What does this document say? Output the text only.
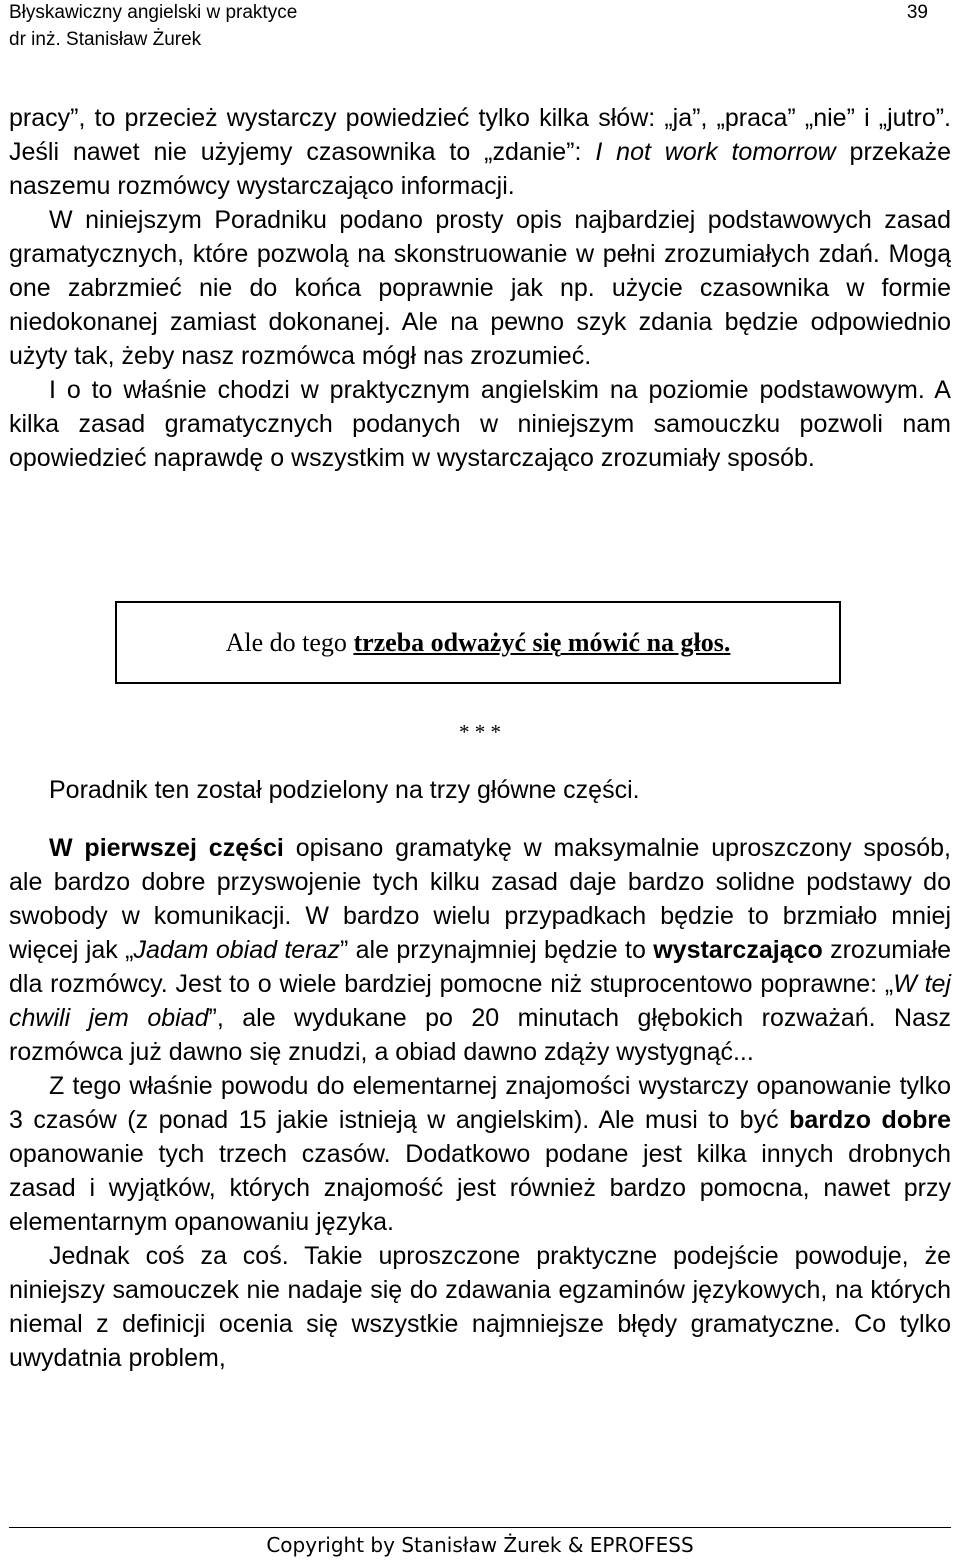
Błyskawiczny angielski w praktyce	39
dr inż. Stanisław Żurek

pracy”, to przecież wystarczy powiedzieć tylko kilka słów: „ja”, „praca” „nie” i „jutro”. Jeśli nawet nie użyjemy czasownika to „zdanie”: I not work tomorrow przekaże naszemu rozmówcy wystarczająco informacji.

W niniejszym Poradniku podano prosty opis najbardziej podstawowych zasad gramatycznych, które pozwolą na skonstruowanie w pełni zrozumiałych zdań. Mogą one zabrzmieć nie do końca poprawnie jak np. użycie czasownika w formie niedokonanej zamiast dokonanej. Ale na pewno szyk zdania będzie odpowiednio użyty tak, żeby nasz rozmówca mógł nas zrozumieć.

I o to właśnie chodzi w praktycznym angielskim na poziomie podstawowym. A kilka zasad gramatycznych podanych w niniejszym samouczku pozwoli nam opowiedzieć naprawdę o wszystkim w wystarczająco zrozumiały sposób.

Ale do tego trzeba odważyć się mówić na głos.
* * *

Poradnik ten został podzielony na trzy główne części.

W pierwszej części opisano gramatykę w maksymalnie uproszczony sposób, ale bardzo dobre przyswojenie tych kilku zasad daje bardzo solidne podstawy do swobody w komunikacji. W bardzo wielu przypadkach będzie to brzmiało mniej więcej jak „Jadam obiad teraz” ale przynajmniej będzie to wystarczająco zrozumiałe dla rozmówcy. Jest to o wiele bardziej pomocne niż stuprocentowo poprawne: „W tej chwili jem obiad”, ale wydukane po 20 minutach głębokich rozważań. Nasz rozmówca już dawno się znudzi, a obiad dawno zdąży wystygnąć...

Z tego właśnie powodu do elementarnej znajomości wystarczy opanowanie tylko 3 czasów (z ponad 15 jakie istnieją w angielskim). Ale musi to być bardzo dobre opanowanie tych trzech czasów. Dodatkowo podane jest kilka innych drobnych zasad i wyjątków, których znajomość jest również bardzo pomocna, nawet przy elementarnym opanowaniu języka.

Jednak coś za coś. Takie uproszczone praktyczne podejście powoduje, że niniejszy samouczek nie nadaje się do zdawania egzaminów językowych, na których niemal z definicji ocenia się wszystkie najmniejsze błędy gramatyczne. Co tylko uwydatnia problem,

Copyright by Stanisław Żurek & EPROFESS
